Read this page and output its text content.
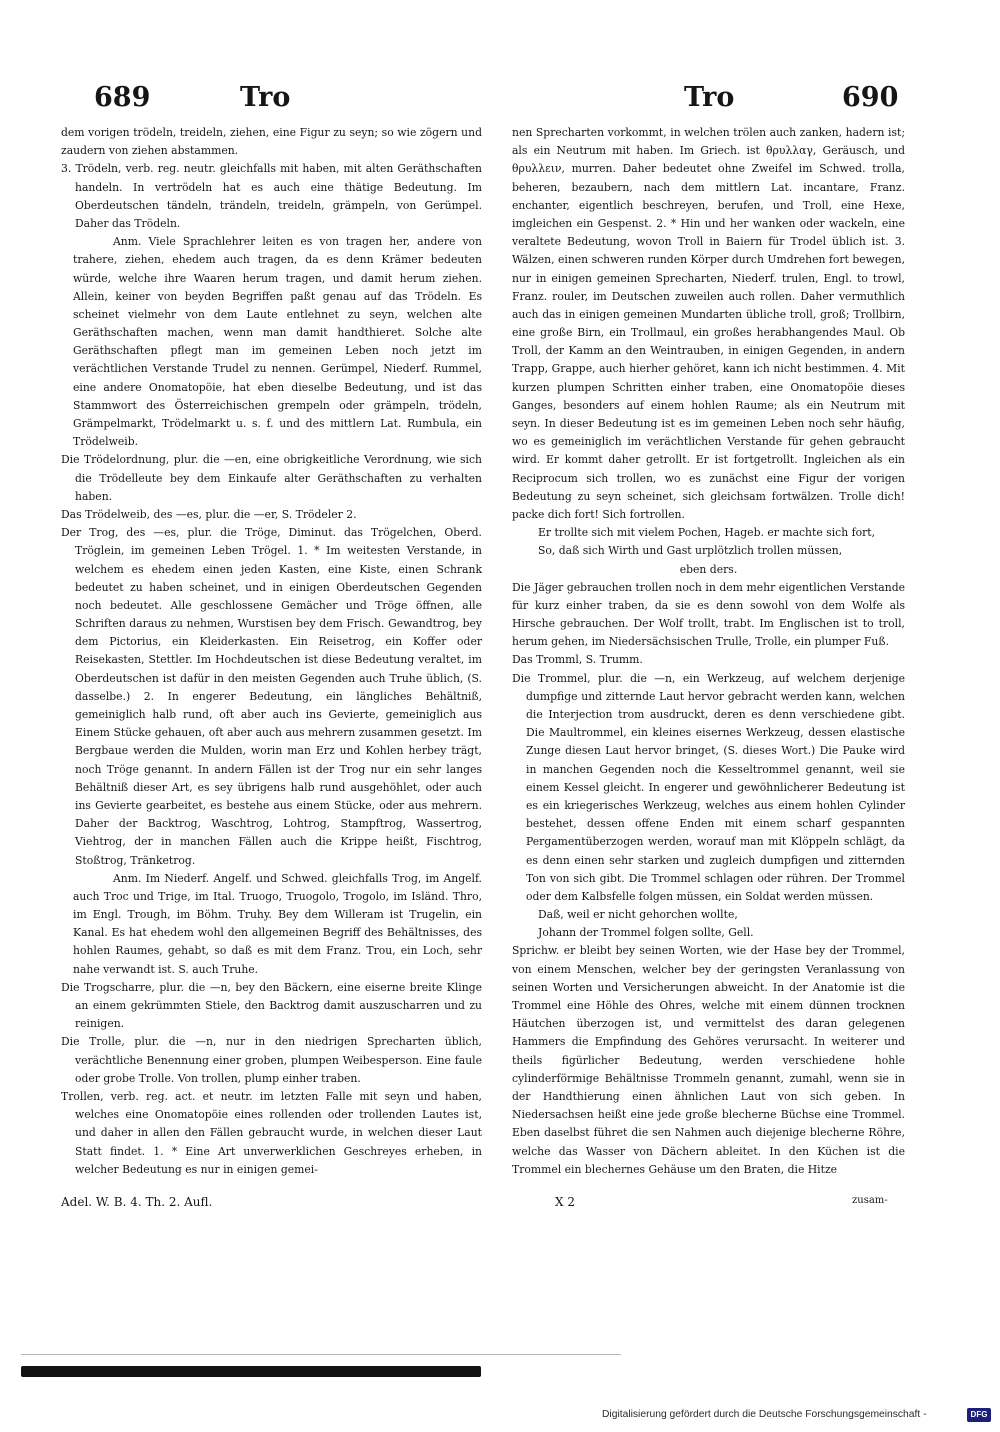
689	Tro	Tro	690

dem vorigen trödeln, treideln, ziehen, eine Figur zu seyn; so wie zögern und zaudern von ziehen abstammen.

3. Trödeln, verb. reg. neutr. gleichfalls mit haben, mit alten Geräthschaften handeln. In vertrödeln hat es auch eine thätige Bedeutung. Im Oberdeutschen tändeln, trändeln, treideln, grämpeln, von Gerümpel. Daher das Trödeln.

Anm. Viele Sprachlehrer leiten es von tragen her, andere von trahere, ziehen, ehedem auch tragen, da es denn Krämer bedeuten würde, welche ihre Waaren herum tragen, und damit herum ziehen. Allein, keiner von beyden Begriffen paßt genau auf das Trödeln. Es scheinet vielmehr von dem Laute entlehnet zu seyn, welchen alte Geräthschaften machen, wenn man damit handthieret. Solche alte Geräthschaften pflegt man im gemeinen Leben noch jetzt im verächtlichen Verstande Trudel zu nennen. Gerümpel, Niederf. Rummel, eine andere Onomatopöie, hat eben dieselbe Bedeutung, und ist das Stammwort des Österreichischen grempeln oder grämpeln, trödeln, Grämpelmarkt, Trödelmarkt u. s. f. und des mittlern Lat. Rumbula, ein Trödelweib.

Die Trödelordnung, plur. die —en, eine obrigkeitliche Verordnung, wie sich die Trödelleute bey dem Einkaufe alter Geräthschaften zu verhalten haben.

Das Trödelweib, des —es, plur. die —er, S. Trödeler 2.

Der Trog, des —es, plur. die Tröge, Diminut. das Trögelchen, Oberd. Tröglein, im gemeinen Leben Trögel. 1. * Im weitesten Verstande, in welchem es ehedem einen jeden Kasten, eine Kiste, einen Schrank bedeutet zu haben scheinet, und in einigen Oberdeutschen Gegenden noch bedeutet. Alle geschlossene Gemächer und Tröge öffnen, alle Schriften daraus zu nehmen, Wurstisen bey dem Frisch. Gewandtrog, bey dem Pictorius, ein Kleiderkasten. Ein Reisetrog, ein Koffer oder Reisekasten, Stettler. Im Hochdeutschen ist diese Bedeutung veraltet, im Oberdeutschen ist dafür in den meisten Gegenden auch Truhe üblich, (S. dasselbe.) 2. In engerer Bedeutung, ein längliches Behältniß, gemeiniglich halb rund, oft aber auch ins Gevierte, gemeiniglich aus Einem Stücke gehauen, oft aber auch aus mehrern zusammen gesetzt. Im Bergbaue werden die Mulden, worin man Erz und Kohlen herbey trägt, noch Tröge genannt. In andern Fällen ist der Trog nur ein sehr langes Behältniß dieser Art, es sey übrigens halb rund ausgehöhlet, oder auch ins Gevierte gearbeitet, es bestehe aus einem Stücke, oder aus mehrern. Daher der Backtrog, Waschtrog, Lohtrog, Stampftrog, Wassertrog, Viehtrog, der in manchen Fällen auch die Krippe heißt, Fischtrog, Stoßtrog, Tränketrog.

Anm. Im Niederf. Angelf. und Schwed. gleichfalls Trog, im Angelf. auch Troc und Trige, im Ital. Truogo, Truogolo, Trogolo, im Isländ. Thro, im Engl. Trough, im Böhm. Truhy. Bey dem Willeram ist Trugelin, ein Kanal. Es hat ehedem wohl den allgemeinen Begriff des Behältnisses, des hohlen Raumes, gehabt, so daß es mit dem Franz. Trou, ein Loch, sehr nahe verwandt ist. S. auch Truhe.

Die Trogscharre, plur. die —n, bey den Bäckern, eine eiserne breite Klinge an einem gekrümmten Stiele, den Backtrog damit auszuscharren und zu reinigen.

Die Trolle, plur. die —n, nur in den niedrigen Sprecharten üblich, verächtliche Benennung einer groben, plumpen Weibesperson. Eine faule oder grobe Trolle. Von trollen, plump einher traben.

Trollen, verb. reg. act. et neutr. im letzten Falle mit seyn und haben, welches eine Onomatopöie eines rollenden oder trollenden Lautes ist, und daher in allen den Fällen gebraucht wurde, in welchen dieser Laut Statt findet. 1. * Eine Art unverwerklichen Geschreyes erheben, in welcher Bedeutung es nur in einigen gemei-

Adel. W. B. 4. Th. 2. Aufl.

nen Sprecharten vorkommt, in welchen trölen auch zanken, hadern ist; als ein Neutrum mit haben. Im Griech. ist θρυλλαγ, Geräusch, und θρυλλειν, murren. Daher bedeutet ohne Zweifel im Schwed. trolla, beheren, bezaubern, nach dem mittlern Lat. incantare, Franz. enchanter, eigentlich beschreyen, berufen, und Troll, eine Hexe, imgleichen ein Gespenst. 2. * Hin und her wanken oder wackeln, eine veraltete Bedeutung, wovon Troll in Baiern für Trodel üblich ist. 3. Wälzen, einen schweren runden Körper durch Umdrehen fort bewegen, nur in einigen gemeinen Sprecharten, Niederf. trulen, Engl. to trowl, Franz. rouler, im Deutschen zuweilen auch rollen. Daher vermuthlich auch das in einigen gemeinen Mundarten übliche troll, groß; Trollbirn, eine große Birn, ein Trollmaul, ein großes herabhangendes Maul. Ob Troll, der Kamm an den Weintrauben, in einigen Gegenden, in andern Trapp, Grappe, auch hierher gehöret, kann ich nicht bestimmen. 4. Mit kurzen plumpen Schritten einher traben, eine Onomatopöie dieses Ganges, besonders auf einem hohlen Raume; als ein Neutrum mit seyn. In dieser Bedeutung ist es im gemeinen Leben noch sehr häufig, wo es gemeiniglich im verächtlichen Verstande für gehen gebraucht wird. Er kommt daher getrollt. Er ist fortgetrollt. Ingleichen als ein Reciprocum sich trollen, wo es zunächst eine Figur der vorigen Bedeutung zu seyn scheinet, sich gleichsam fortwälzen. Trolle dich! packe dich fort! Sich fortrollen.

Er trollte sich mit vielem Pochen, Hageb. er machte sich fort,

So, daß sich Wirth und Gast urplötzlich trollen müssen,

eben ders.

Die Jäger gebrauchen trollen noch in dem mehr eigentlichen Verstande für kurz einher traben, da sie es denn sowohl von dem Wolfe als Hirsche gebrauchen. Der Wolf trollt, trabt. Im Englischen ist to troll, herum gehen, im Niedersächsischen Trulle, Trolle, ein plumper Fuß.

Das Tromml, S. Trumm.

Die Trommel, plur. die —n, ein Werkzeug, auf welchem derjenige dumpfige und zitternde Laut hervor gebracht werden kann, welchen die Interjection trom ausdruckt, deren es denn verschiedene gibt. Die Maultrommel, ein kleines eisernes Werkzeug, dessen elastische Zunge diesen Laut hervor bringet, (S. dieses Wort.) Die Pauke wird in manchen Gegenden noch die Kesseltrommel genannt, weil sie einem Kessel gleicht. In engerer und gewöhnlicherer Bedeutung ist es ein kriegerisches Werkzeug, welches aus einem hohlen Cylinder bestehet, dessen offene Enden mit einem scharf gespannten Pergamentüberzogen werden, worauf man mit Klöppeln schlägt, da es denn einen sehr starken und zugleich dumpfigen und zitternden Ton von sich gibt. Die Trommel schlagen oder rühren. Der Trommel oder dem Kalbsfelle folgen müssen, ein Soldat werden müssen.

Daß, weil er nicht gehorchen wollte,

Johann der Trommel folgen sollte, Gell.

Sprichw. er bleibt bey seinen Worten, wie der Hase bey der Trommel, von einem Menschen, welcher bey der geringsten Veranlassung von seinen Worten und Versicherungen abweicht. In der Anatomie ist die Trommel eine Höhle des Ohres, welche mit einem dünnen trocknen Häutchen überzogen ist, und vermittelst des daran gelegenen Hammers die Empfindung des Gehöres verursacht. In weiterer und theils figürlicher Bedeutung, werden verschiedene hohle cylinderförmige Behältnisse Trommeln genannt, zumahl, wenn sie in der Handthierung einen ähnlichen Laut von sich geben. In Niedersachsen heißt eine jede große blecherne Büchse eine Trommel. Eben daselbst führet die sen Nahmen auch diejenige blecherne Röhre, welche das Wasser von Dächern ableitet. In den Küchen ist die Trommel ein blechernes Gehäuse um den Braten, die Hitze

X 2	zusam-
Digitalisierung gefördert durch die Deutsche Forschungsgemeinschaft -	DFG
